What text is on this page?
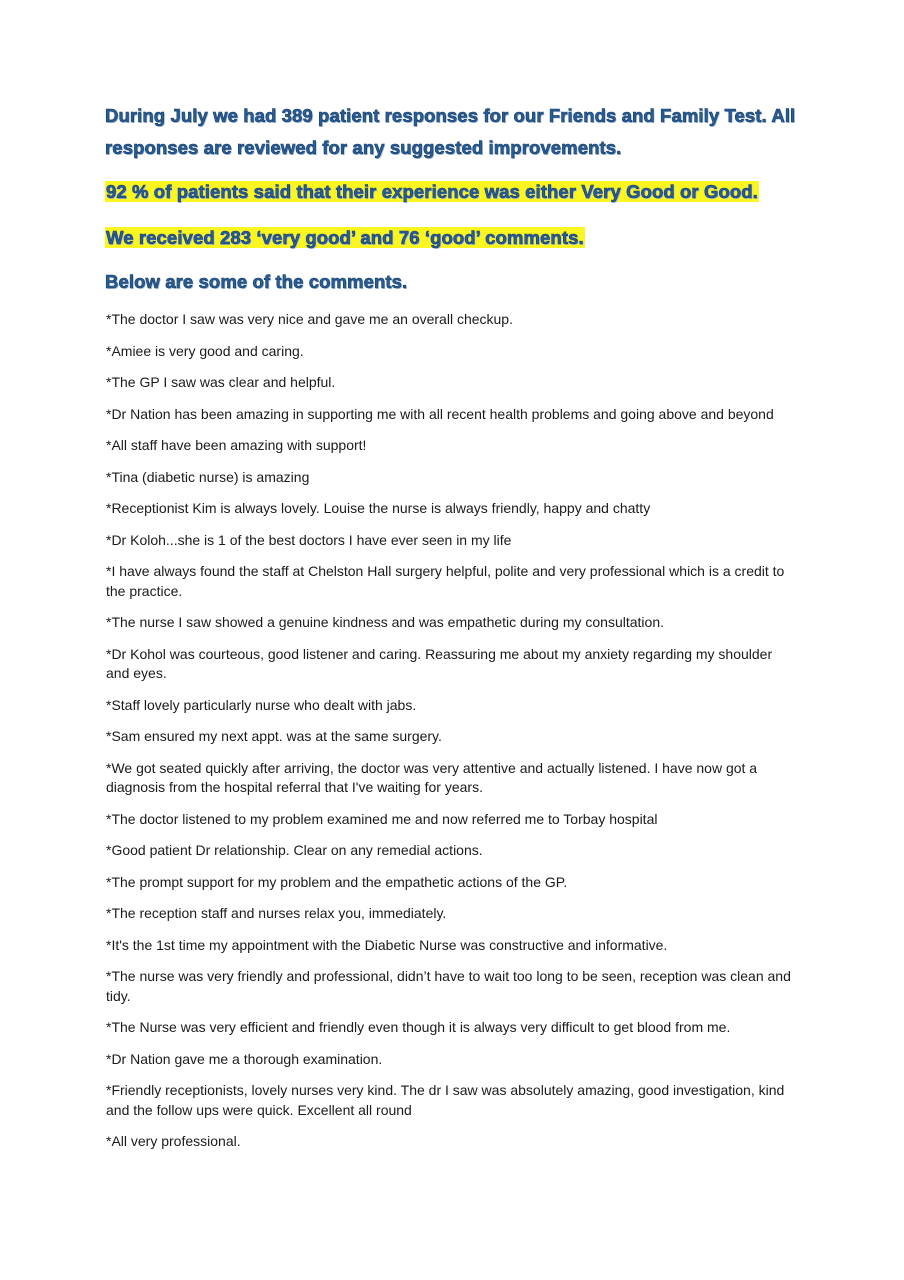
During July we had 389 patient responses for our Friends and Family Test. All
responses are reviewed for any suggested improvements.
92 % of patients said that their experience was either Very Good or Good.
We received 283 ‘very good’ and 76 ‘good’ comments.
Below are some of the comments.
*The doctor I saw was very nice and gave me an overall checkup.
*Amiee is very good and caring.
*The GP I saw was clear and helpful.
*Dr Nation has been amazing in supporting me with all recent health problems and going above and beyond
*All staff have been amazing with support!
*Tina (diabetic nurse) is amazing
*Receptionist Kim is always lovely. Louise the nurse is always friendly, happy and chatty
*Dr Koloh...she is 1 of the best doctors I have ever seen in my life
*I have always found the staff at Chelston Hall surgery helpful, polite and very professional which is a credit to the practice.
*The nurse I saw showed a genuine kindness and was empathetic during my consultation.
*Dr Kohol was courteous, good listener and caring. Reassuring me about my anxiety regarding my shoulder and eyes.
*Staff lovely particularly nurse who dealt with jabs.
*Sam ensured my next appt. was at the same surgery.
*We got seated quickly after arriving, the doctor was very attentive and actually listened. I have now got a diagnosis from the hospital referral that I've waiting for years.
*The doctor listened to my problem examined me and now referred me to Torbay hospital
*Good patient Dr relationship. Clear on any remedial actions.
*The prompt support for my problem and the empathetic actions of the GP.
*The reception staff and nurses relax you, immediately.
*It's the 1st time my appointment with the Diabetic Nurse was constructive and informative.
*The nurse was very friendly and professional, didn’t have to wait too long to be seen, reception was clean and tidy.
*The Nurse was very efficient and friendly even though it is always very difficult to get blood from me.
*Dr Nation gave me a thorough examination.
*Friendly receptionists, lovely nurses very kind. The dr I saw was absolutely amazing, good investigation, kind and the follow ups were quick. Excellent all round
*All very professional.
